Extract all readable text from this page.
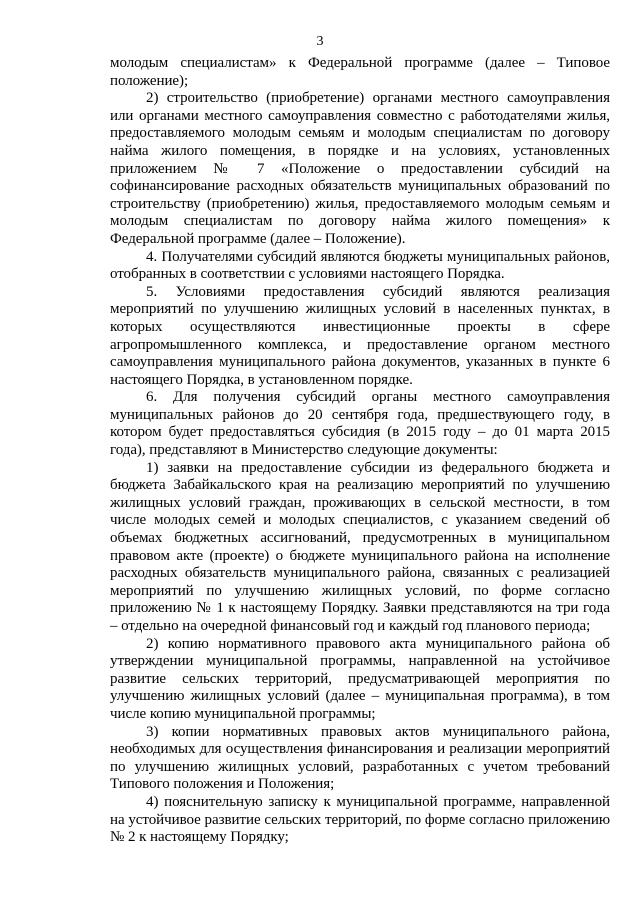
3

молодым специалистам» к Федеральной программе (далее – Типовое положение);

2) строительство (приобретение) органами местного самоуправления или органами местного самоуправления совместно с работодателями жилья, предоставляемого молодым семьям и молодым специалистам по договору найма жилого помещения, в порядке и на условиях, установленных приложением № 7 «Положение о предоставлении субсидий на софинансирование расходных обязательств муниципальных образований по строительству (приобретению) жилья, предоставляемого молодым семьям и молодым специалистам по договору найма жилого помещения» к Федеральной программе (далее – Положение).

4. Получателями субсидий являются бюджеты муниципальных районов, отобранных в соответствии с условиями настоящего Порядка.

5. Условиями предоставления субсидий являются реализация мероприятий по улучшению жилищных условий в населенных пунктах, в которых осуществляются инвестиционные проекты в сфере агропромышленного комплекса, и предоставление органом местного самоуправления муниципального района документов, указанных в пункте 6 настоящего Порядка, в установленном порядке.

6. Для получения субсидий органы местного самоуправления муниципальных районов до 20 сентября года, предшествующего году, в котором будет предоставляться субсидия (в 2015 году – до 01 марта 2015 года), представляют в Министерство следующие документы:

1) заявки на предоставление субсидии из федерального бюджета и бюджета Забайкальского края на реализацию мероприятий по улучшению жилищных условий граждан, проживающих в сельской местности, в том числе молодых семей и молодых специалистов, с указанием сведений об объемах бюджетных ассигнований, предусмотренных в муниципальном правовом акте (проекте) о бюджете муниципального района на исполнение расходных обязательств муниципального района, связанных с реализацией мероприятий по улучшению жилищных условий, по форме согласно приложению № 1 к настоящему Порядку. Заявки представляются на три года – отдельно на очередной финансовый год и каждый год планового периода;

2) копию нормативного правового акта муниципального района об утверждении муниципальной программы, направленной на устойчивое развитие сельских территорий, предусматривающей мероприятия по улучшению жилищных условий (далее – муниципальная программа), в том числе копию муниципальной программы;

3) копии нормативных правовых актов муниципального района, необходимых для осуществления финансирования и реализации мероприятий по улучшению жилищных условий, разработанных с учетом требований Типового положения и Положения;

4) пояснительную записку к муниципальной программе, направленной на устойчивое развитие сельских территорий, по форме согласно приложению № 2 к настоящему Порядку;
